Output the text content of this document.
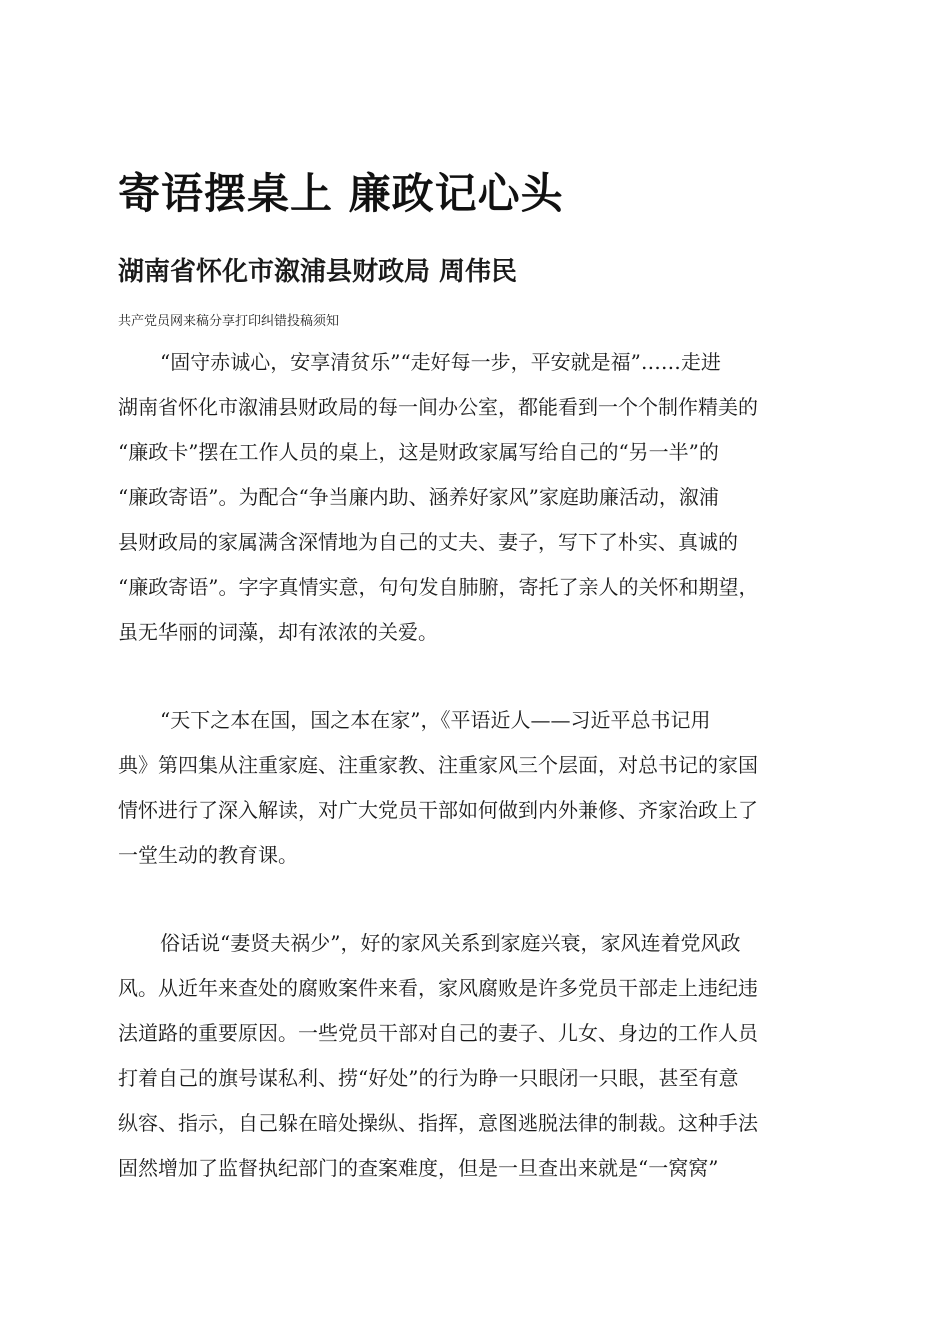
寄语摆桌上 廉政记心头
湖南省怀化市溆浦县财政局 周伟民

共产党员网来稿分享打印纠错投稿须知

“固守赤诚心，安享清贫乐”“走好每一步，平安就是福”……走进
湖南省怀化市溆浦县财政局的每一间办公室，都能看到一个个制作精美的
“廉政卡”摆在工作人员的桌上，这是财政家属写给自己的“另一半”的
“廉政寄语”。为配合“争当廉内助、涵养好家风”家庭助廉活动，溆浦
县财政局的家属满含深情地为自己的丈夫、妻子，写下了朴实、真诚的
“廉政寄语”。字字真情实意，句句发自肺腑，寄托了亲人的关怀和期望，
虽无华丽的词藻，却有浓浓的关爱。
“天下之本在国，国之本在家”，《平语近人——习近平总书记用
典》第四集从注重家庭、注重家教、注重家风三个层面，对总书记的家国
情怀进行了深入解读，对广大党员干部如何做到内外兼修、齐家治政上了
一堂生动的教育课。
俗话说“妻贤夫祸少”，好的家风关系到家庭兴衰，家风连着党风政
风。从近年来查处的腐败案件来看，家风腐败是许多党员干部走上违纪违
法道路的重要原因。一些党员干部对自己的妻子、儿女、身边的工作人员
打着自己的旗号谋私利、捞“好处”的行为睁一只眼闭一只眼，甚至有意
纵容、指示，自己躲在暗处操纵、指挥，意图逃脱法律的制裁。这种手法
固然增加了监督执纪部门的查案难度，但是一旦查出来就是“一窝窝”
